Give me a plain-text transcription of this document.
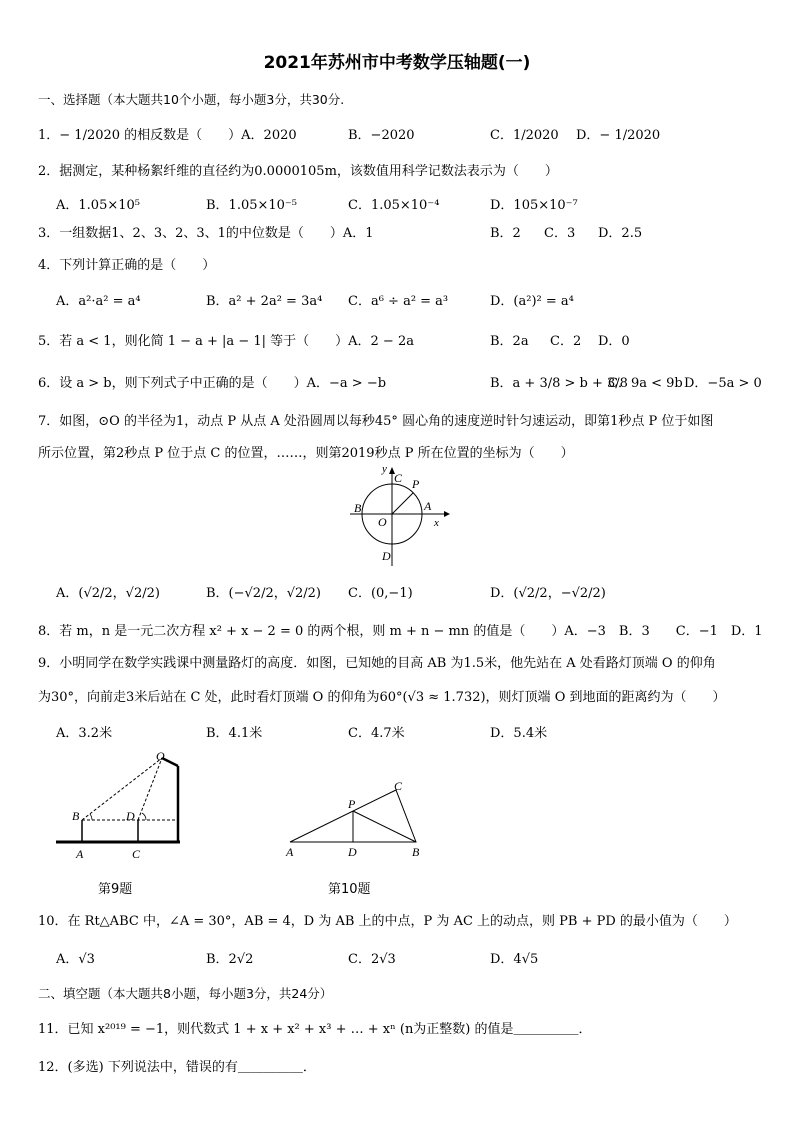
2021年苏州市中考数学压轴题(一)
一、选择题（本大题共10个小题，每小题3分，共30分.
1．− 1/2020 的相反数是（　　）A．2020	B．−2020	C．1/2020 D．− 1/2020
2．据测定，某种杨絮纤维的直径约为0.0000105m，该数值用科学记数法表示为（　　）
A．1.05×10⁵	B．1.05×10⁻⁵	C．1.05×10⁻⁴	D．105×10⁻⁷
3．一组数据1、2、3、2、3、1的中位数是（　　）A．1	B．2 C．3 D．2.5
4．下列计算正确的是（　　）
A．a²·a² = a⁴	B．a² + 2a² = 3a⁴ C．a⁶ ÷ a² = a³	D．(a²)² = a⁴
5．若 a < 1，则化简 1 − a + |a − 1| 等于（　　）A．2 − 2a	B．2a C．2 D．0
6．设 a > b，则下列式子中正确的是（　　）A．−a > −b	B．a + 3/8 > b + 3/8
C．9a < 9b D．−5a > 0
7．如图，⊙O 的半径为1，动点 P 从点 A 处沿圆周以每秒45° 圆心角的速度逆时针匀速运动，即第1秒点 P 位于如图
所示位置，第2秒点 P 位于点 C 的位置，……，则第2019秒点 P 所在位置的坐标为（　　）
y
C P
A
x
B
O
D
A．(√2/2，√2/2)	B．(−√2/2，√2/2) C．(0,−1)	D．(√2/2，−√2/2)
8．若 m，n 是一元二次方程 x² + x − 2 = 0 的两个根，则 m + n − mn 的值是（　　）A．−3　B．3　　C．−1　D．1
9．小明同学在数学实践课中测量路灯的高度．如图，已知她的目高 AB 为1.5米，他先站在 A 处看路灯顶端 O 的仰角
为30°，向前走3米后站在 C 处，此时看灯顶端 O 的仰角为60°(√3 ≈ 1.732)，则灯顶端 O 到地面的距离约为（　　）
A．3.2米	B．4.1米	C．4.7米	D．5.4米
O
B	D
A	C
第9题
C
P
A	D	B
第10题
10．在 Rt△ABC 中，∠A = 30°，AB = 4，D 为 AB 上的中点，P 为 AC 上的动点，则 PB + PD 的最小值为（　　）
A．√3	B．2√2	C．2√3	D．4√5
二、填空题（本大题共8小题，每小题3分，共24分）
11．已知 x²⁰¹⁹ = −1，则代数式 1 + x + x² + x³ + … + xⁿ (n为正整数) 的值是＿＿＿＿＿．
12．(多选) 下列说法中，错误的有＿＿＿＿＿．
